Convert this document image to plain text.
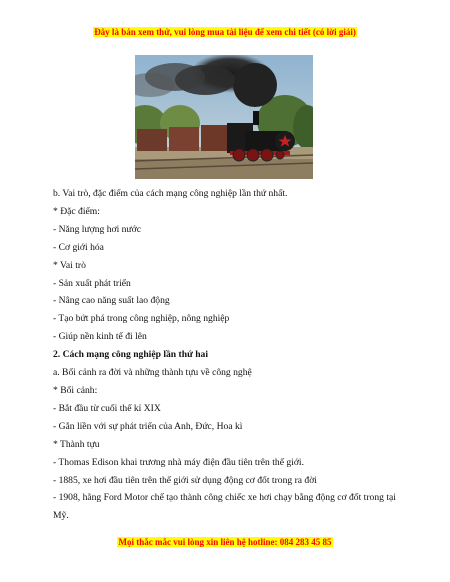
Đây là bản xem thử, vui lòng mua tài liệu để xem chi tiết (có lời giải)
b. Vai trò, đặc điểm của cách mạng công nghiệp lần thứ nhất.
* Đặc điểm:
- Năng lượng hơi nước
- Cơ giới hóa
* Vai trò
- Sản xuất phát triển
- Nâng cao năng suất lao động
- Tạo bứt phá trong công nghiệp, nông nghiệp
- Giúp nền kinh tế đi lên
2. Cách mạng công nghiệp lần thứ hai
a. Bối cảnh ra đời và những thành tựu về công nghệ
* Bối cảnh:
- Bắt đầu từ cuối thế kỉ XIX
- Gắn liền với sự phát triển của Anh, Đức, Hoa kì
* Thành tựu
- Thomas Edison khai trương nhà máy điện đầu tiên trên thế giới.
- 1885, xe hơi đầu tiên trên thế giới sử dụng động cơ đốt trong ra đời
- 1908, hãng Ford Motor chế tạo thành công chiếc xe hơi chạy bằng động cơ đốt trong tại Mỹ.
Mọi thắc mắc vui lòng xin liên hệ hotline: 084 283 45 85
